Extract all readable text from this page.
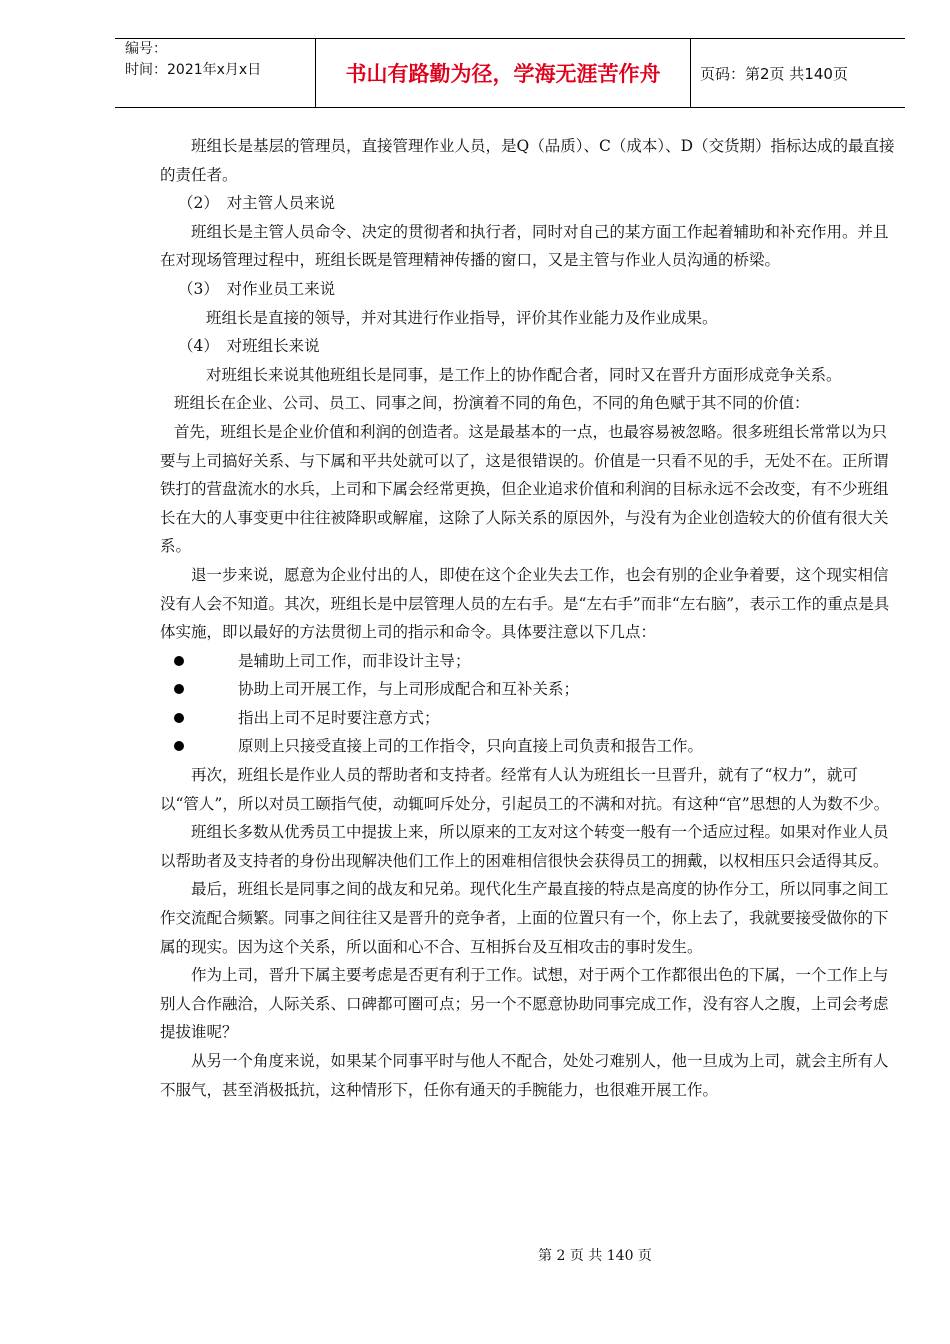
编号：
时间：2021年x月x日	书山有路勤为径，学海无涯苦作舟	页码：第2页 共140页

班组长是基层的管理员，直接管理作业人员，是Q（品质）、C（成本）、D（交货期）指标达成的最直接的责任者。

（2）　对主管人员来说

班组长是主管人员命令、决定的贯彻者和执行者，同时对自己的某方面工作起着辅助和补充作用。并且在对现场管理过程中，班组长既是管理精神传播的窗口，又是主管与作业人员沟通的桥梁。

（3）　对作业员工来说

班组长是直接的领导，并对其进行作业指导，评价其作业能力及作业成果。

（4）　对班组长来说

对班组长来说其他班组长是同事，是工作上的协作配合者，同时又在晋升方面形成竞争关系。

班组长在企业、公司、员工、同事之间，扮演着不同的角色，不同的角色赋于其不同的价值：

首先，班组长是企业价值和利润的创造者。这是最基本的一点，也最容易被忽略。很多班组长常常以为只要与上司搞好关系、与下属和平共处就可以了，这是很错误的。价值是一只看不见的手，无处不在。正所谓铁打的营盘流水的水兵，上司和下属会经常更换，但企业追求价值和利润的目标永远不会改变，有不少班组长在大的人事变更中往往被降职或解雇，这除了人际关系的原因外，与没有为企业创造较大的价值有很大关系。

退一步来说，愿意为企业付出的人，即使在这个企业失去工作，也会有别的企业争着要，这个现实相信没有人会不知道。其次，班组长是中层管理人员的左右手。是“左右手”而非“左右脑”，表示工作的重点是具体实施，即以最好的方法贯彻上司的指示和命令。具体要注意以下几点：

是辅助上司工作，而非设计主导；

协助上司开展工作，与上司形成配合和互补关系；

指出上司不足时要注意方式；

原则上只接受直接上司的工作指令，只向直接上司负责和报告工作。

再次，班组长是作业人员的帮助者和支持者。经常有人认为班组长一旦晋升，就有了“权力”，就可以“管人”，所以对员工颐指气使，动辄呵斥处分，引起员工的不满和对抗。有这种“官”思想的人为数不少。

班组长多数从优秀员工中提拔上来，所以原来的工友对这个转变一般有一个适应过程。如果对作业人员以帮助者及支持者的身份出现解决他们工作上的困难相信很快会获得员工的拥戴，以权相压只会适得其反。

最后，班组长是同事之间的战友和兄弟。现代化生产最直接的特点是高度的协作分工，所以同事之间工作交流配合频繁。同事之间往往又是晋升的竞争者，上面的位置只有一个，你上去了，我就要接受做你的下属的现实。因为这个关系，所以面和心不合、互相拆台及互相攻击的事时发生。

作为上司，晋升下属主要考虑是否更有利于工作。试想，对于两个工作都很出色的下属，一个工作上与别人合作融洽，人际关系、口碑都可圈可点；另一个不愿意协助同事完成工作，没有容人之腹，上司会考虑提拔谁呢？

从另一个角度来说，如果某个同事平时与他人不配合，处处刁难别人，他一旦成为上司，就会主所有人不服气，甚至消极抵抗，这种情形下，任你有通天的手腕能力，也很难开展工作。

第 2 页 共 140 页
